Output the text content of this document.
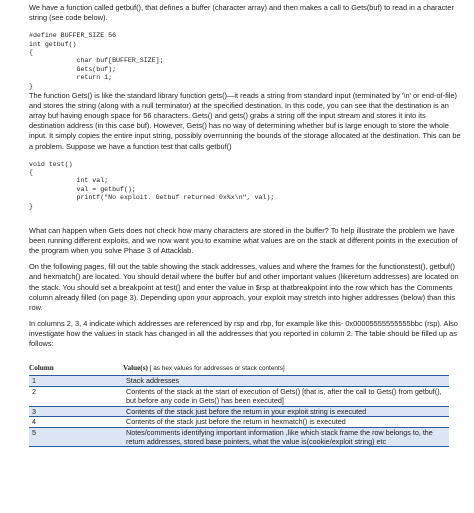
We have a function called getbuf(), that defines a buffer (character array) and then makes a call to Gets(buf) to read in a character string (see code below).

#define BUFFER_SIZE 56
int getbuf()
{
char buf[BUFFER_SIZE];
Gets(buf);
return 1;
}

The function Gets() is like the standard library function gets()—it reads a string from standard input (terminated by '\n' or end-of-file) and stores the string (along with a null terminator) at the specified destination. In this code, you can see that the destination is an array buf having enough space for 56 characters. Gets() and gets() grabs a string off the input stream and stores it into its destination address (in this case buf). However, Gets() has no way of determining whether buf is large enough to store the whole input. It simply copies the entire input string, possibly overrunning the bounds of the storage allocated at the destination. This can be a problem. Suppose we have a function test that calls getbuf()

void test()
{
int val;
val = getbuf();
printf("No exploit. Getbuf returned 0x%x\n", val);
}

What can happen when Gets does not check how many characters are stored in the buffer? To help illustrate the problem we have been running different exploits, and we now want you to examine what values are on the stack at different points in the execution of the program when you solve Phase 3 of Attacklab.

On the following pages, fill out the table showing the stack addresses, values and where the frames for the functionstest(), getbuf() and hexmatch() are located. You should detail where the buffer buf and other important values (likereturn addresses) are located on the stack. You should set a breakpoint at test() and enter the value in $rsp at thatbreakpoint into the row which has the Comments column already filled (on page 3). Depending upon your approach, your exploit may stretch into higher addresses (below) than this row.

In columns 2, 3, 4 indicate which addresses are referenced by rsp and rbp, for example like this- 0x00005555555555bbc (rsp). Also investigate how the values in stack has changed in all the addresses that you reported in column 2. The table should be filled up as follows:

Column	Value(s) [ as hex values for addresses or stack contents]
1	Stack addresses
2	Contents of the stack at the start of execution of Gets() [that is, after the call to Gets() from getbuf(), but before any code in Gets() has been executed]
3	Contents of the stack just before the return in your exploit string is executed
4	Contents of the stack just before the return in hexmatch() is executed
5	Notes/comments identifying important information ,like which stack frame the row belongs to, the return addresses, stored base pointers, what the value is(cookie/exploit string) etc
